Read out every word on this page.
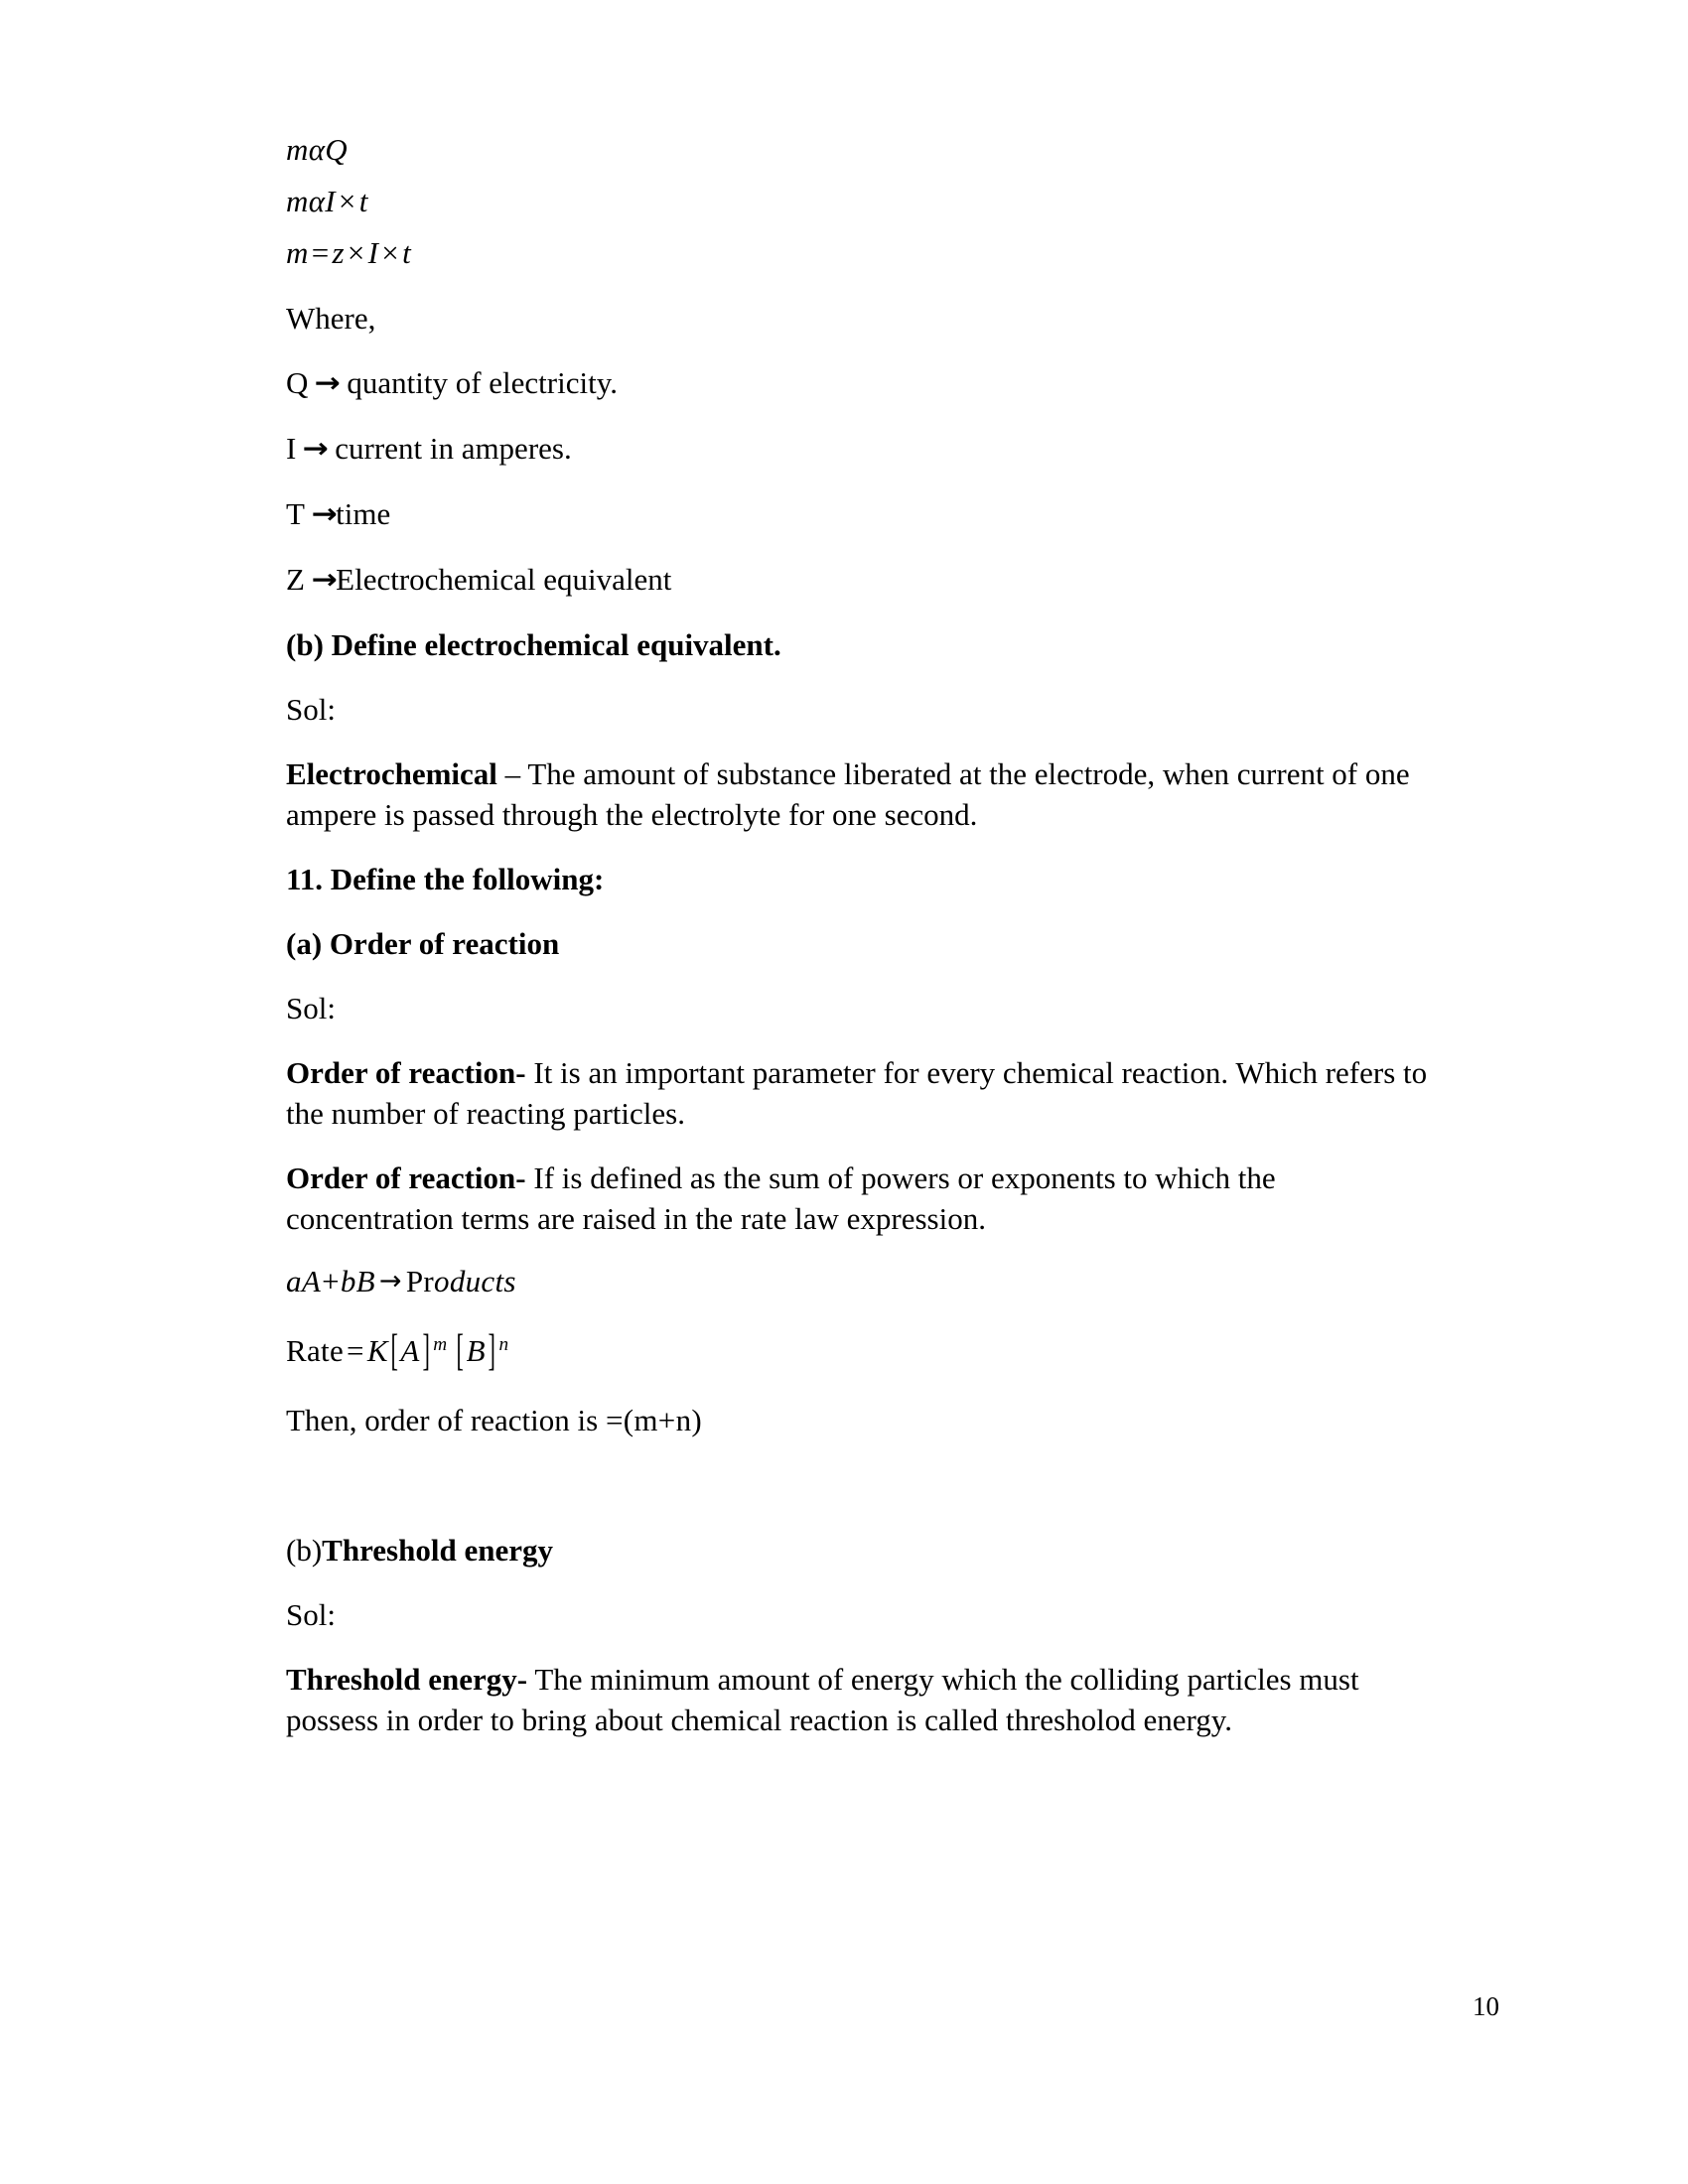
mαQ
mαI×t
m=z×I×t

Where,

Q → quantity of electricity.

I → current in amperes.

T →time

Z →Electrochemical equivalent

(b) Define electrochemical equivalent.

Sol:

Electrochemical – The amount of substance liberated at the electrode, when current of one ampere is passed through the electrolyte for one second.

11. Define the following:

(a) Order of reaction

Sol:

Order of reaction- It is an important parameter for every chemical reaction. Which refers to the number of reacting particles.

Order of reaction- If is defined as the sum of powers or exponents to which the concentration terms are raised in the rate law expression.

aA+bB → Products
Rate=K[A] $^m$  [B] $^n$

Then, order of reaction is =(m+n)

(b)Threshold energy

Sol:

Threshold energy- The minimum amount of energy which the colliding particles must possess in order to bring about chemical reaction is called thresholod energy.

10
